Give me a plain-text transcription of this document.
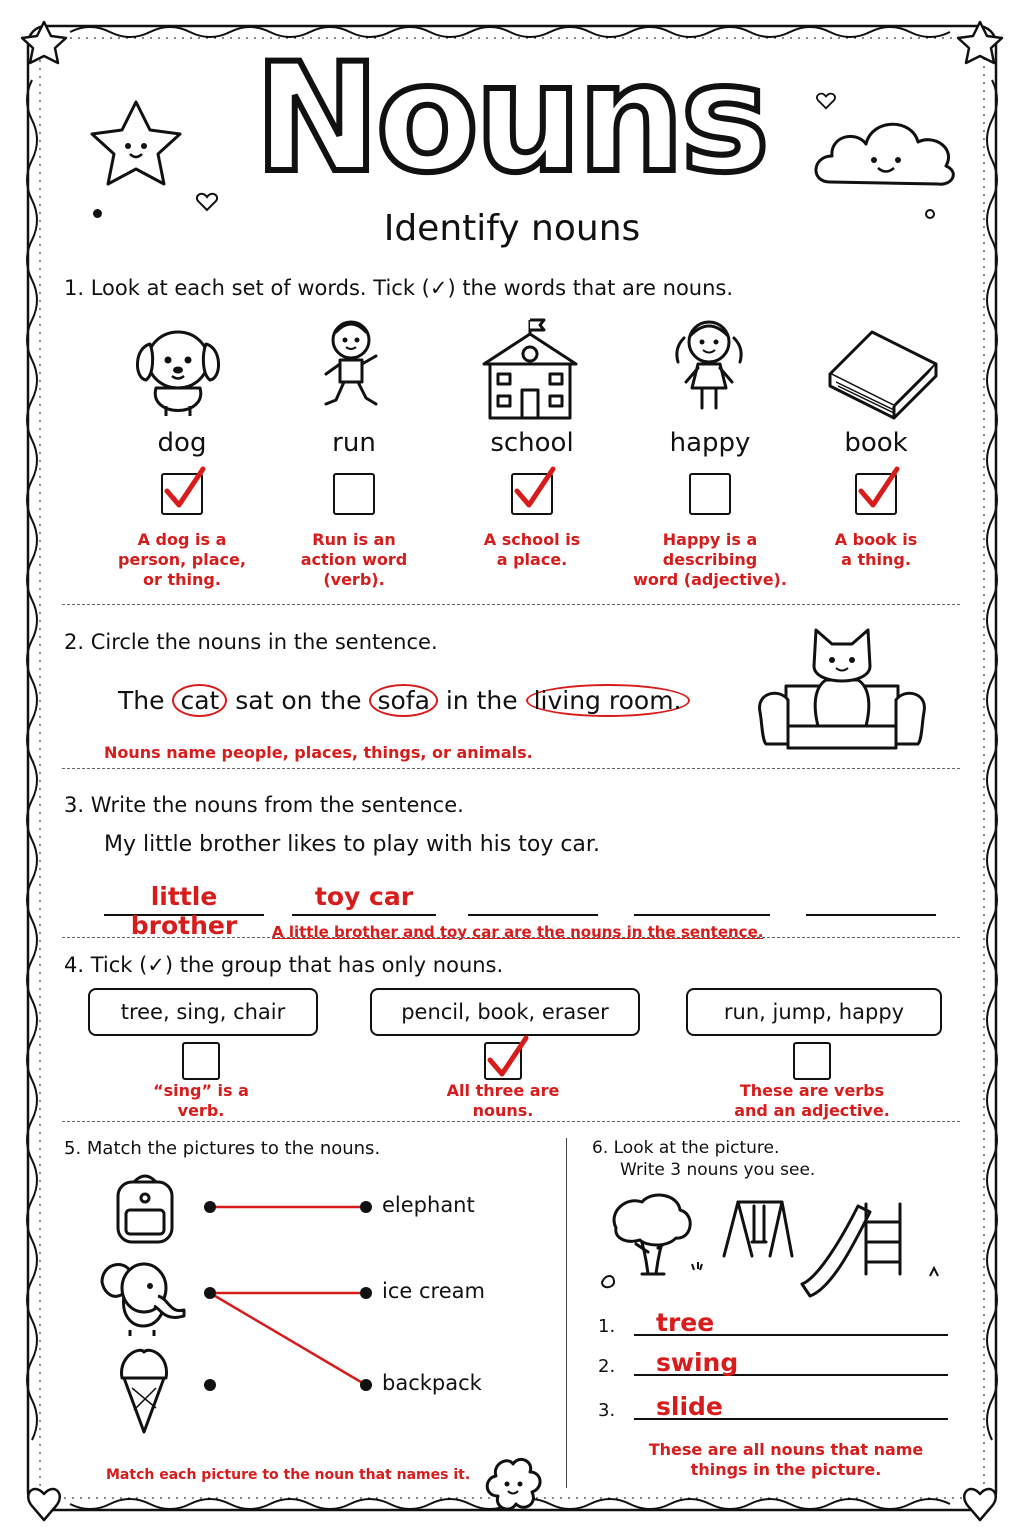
Nouns
Identify nouns
1. Look at each set of words. Tick (✓) the words that are nouns.
dog
A dog is a
person, place,
or thing.
run
Run is an
action word
(verb).
school
A school is
a place.
happy
Happy is a
describing
word (adjective).
book
A book is
a thing.
2. Circle the nouns in the sentence.
The cat sat on the sofa in the living room.
Nouns name people, places, things, or animals.
3. Write the nouns from the sentence.
My little brother likes to play with his toy car.
little brother
toy car
A little brother and toy car are the nouns in the sentence.
4. Tick (✓) the group that has only nouns.
tree, sing, chair
“sing” is a
verb.
pencil, book, eraser
All three are
nouns.
run, jump, happy
These are verbs
and an adjective.
5. Match the pictures to the nouns.
elephant
ice cream
backpack
Match each picture to the noun that names it.
6. Look at the picture.
Write 3 nouns you see.
1.	tree
2.	swing
3.	slide
These are all nouns that name
things in the picture.
